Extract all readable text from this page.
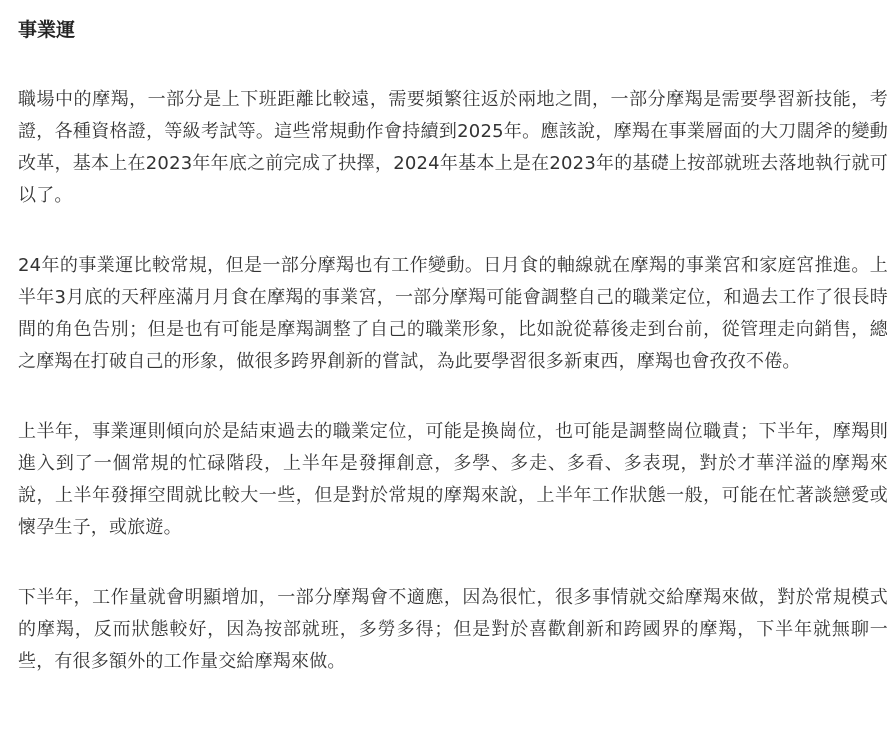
事業運

職場中的摩羯，一部分是上下班距離比較遠，需要頻繁往返於兩地之間，一部分摩羯是需要學習新技能，考證，各種資格證，等級考試等。這些常規動作會持續到2025年。應該說，摩羯在事業層面的大刀闊斧的變動改革，基本上在2023年年底之前完成了抉擇，2024年基本上是在2023年的基礎上按部就班去落地執行就可以了。

24年的事業運比較常規，但是一部分摩羯也有工作變動。日月食的軸線就在摩羯的事業宮和家庭宮推進。上半年3月底的天秤座滿月月食在摩羯的事業宮，一部分摩羯可能會調整自己的職業定位，和過去工作了很長時間的角色告別；但是也有可能是摩羯調整了自己的職業形象，比如說從幕後走到台前，從管理走向銷售，總之摩羯在打破自己的形象，做很多跨界創新的嘗試，為此要學習很多新東西，摩羯也會孜孜不倦。

上半年，事業運則傾向於是結束過去的職業定位，可能是換崗位，也可能是調整崗位職責；下半年，摩羯則進入到了一個常規的忙碌階段，上半年是發揮創意，多學、多走、多看、多表現，對於才華洋溢的摩羯來說，上半年發揮空間就比較大一些，但是對於常規的摩羯來說，上半年工作狀態一般，可能在忙著談戀愛或懷孕生子，或旅遊。

下半年，工作量就會明顯增加，一部分摩羯會不適應，因為很忙，很多事情就交給摩羯來做，對於常規模式的摩羯，反而狀態較好，因為按部就班，多勞多得；但是對於喜歡創新和跨國界的摩羯，下半年就無聊一些，有很多額外的工作量交給摩羯來做。
